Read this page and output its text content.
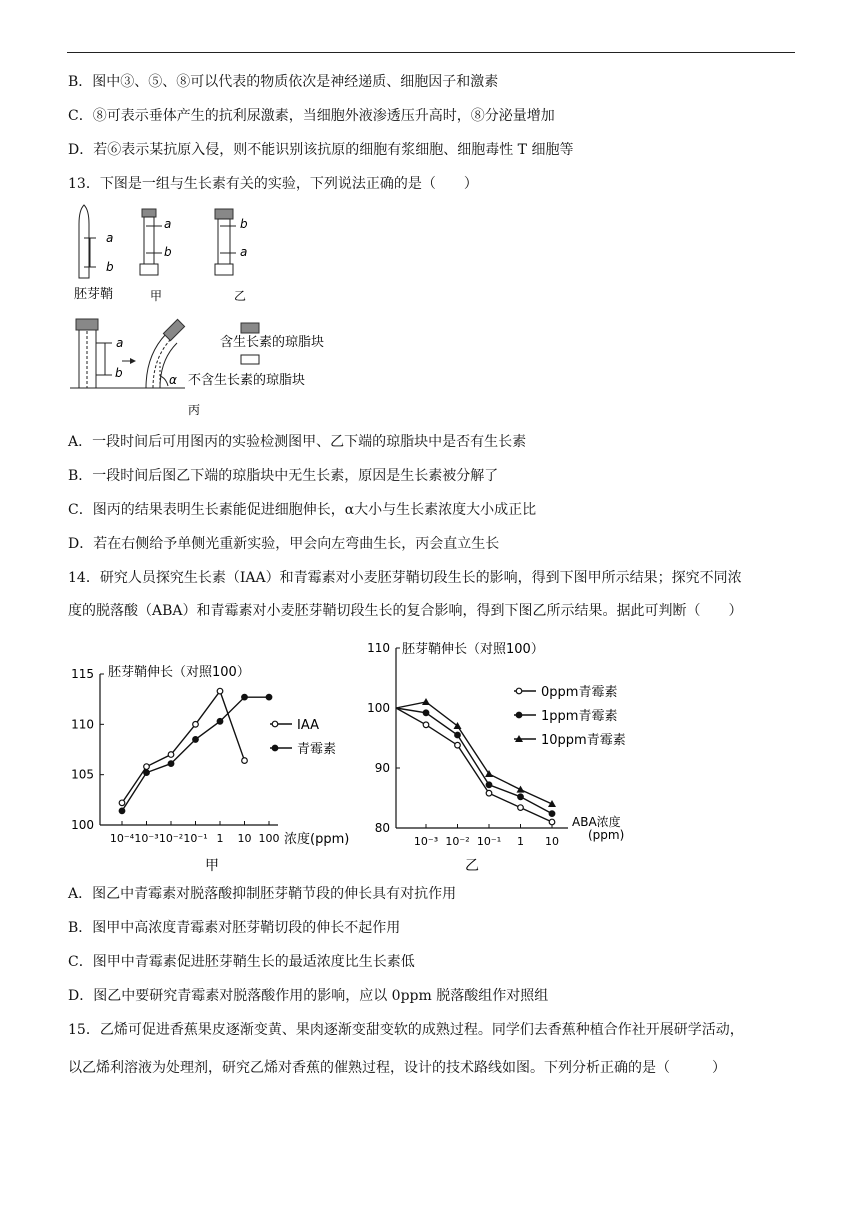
B．图中③、⑤、⑧可以代表的物质依次是神经递质、细胞因子和激素
C．⑧可表示垂体产生的抗利尿激素，当细胞外液渗透压升高时，⑧分泌量增加
D．若⑥表示某抗原入侵，则不能识别该抗原的细胞有浆细胞、细胞毒性 T 细胞等
13．下图是一组与生长素有关的实验，下列说法正确的是（　　）
a
b
胚芽鞘
a
b
甲
b
a
乙
a
b	α
丙
含生长素的琼脂块
不含生长素的琼脂块
A．一段时间后可用图丙的实验检测图甲、乙下端的琼脂块中是否有生长素
B．一段时间后图乙下端的琼脂块中无生长素，原因是生长素被分解了
C．图丙的结果表明生长素能促进细胞伸长，α大小与生长素浓度大小成正比
D．若在右侧给予单侧光重新实验，甲会向左弯曲生长，丙会直立生长
14．研究人员探究生长素（IAA）和青霉素对小麦胚芽鞘切段生长的影响，得到下图甲所示结果；探究不同浓
度的脱落酸（ABA）和青霉素对小麦胚芽鞘切段生长的复合影响，得到下图乙所示结果。据此可判断（　　）
100
105
110
115
10⁻⁴ 10⁻³ 10⁻² 10⁻¹ 1 10 100
胚芽鞘伸长（对照100）
浓度(ppm)
甲
IAA
青霉素
80
90
100
110
10⁻³ 10⁻² 10⁻¹ 1 10
胚芽鞘伸长（对照100）
ABA浓度
(ppm)
乙
0ppm青霉素
1ppm青霉素
10ppm青霉素
A．图乙中青霉素对脱落酸抑制胚芽鞘节段的伸长具有对抗作用
B．图甲中高浓度青霉素对胚芽鞘切段的伸长不起作用
C．图甲中青霉素促进胚芽鞘生长的最适浓度比生长素低
D．图乙中要研究青霉素对脱落酸作用的影响，应以 0ppm 脱落酸组作对照组
15．乙烯可促进香蕉果皮逐渐变黄、果肉逐渐变甜变软的成熟过程。同学们去香蕉种植合作社开展研学活动，
以乙烯利溶液为处理剂，研究乙烯对香蕉的催熟过程，设计的技术路线如图。下列分析正确的是（　　　）
